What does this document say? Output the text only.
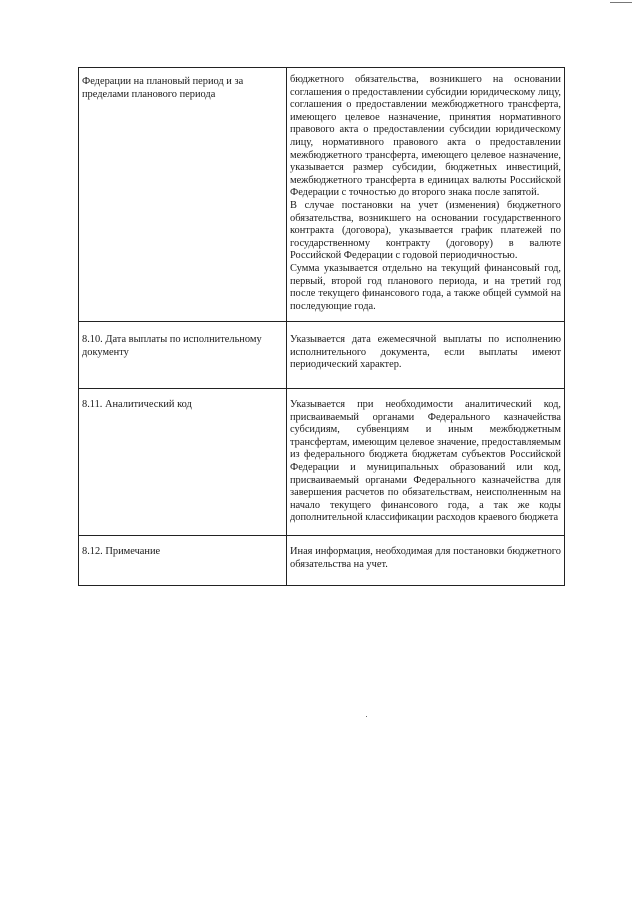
Федерации на плановый период и за пределами планового периода	бюджетного обязательства, возникшего на основании соглашения о предоставлении субсидии юридическому лицу, соглашения о предоставлении межбюджетного трансферта, имеющего целевое назначение, принятия нормативного правового акта о предоставлении субсидии юридическому лицу, нормативного правового акта о предоставлении межбюджетного трансферта, имеющего целевое назначение, указывается размер субсидии, бюджетных инвестиций, межбюджетного трансферта в единицах валюты Российской Федерации с точностью до второго знака после запятой.

В случае постановки на учет (изменения) бюджетного обязательства, возникшего на основании государственного контракта (договора), указывается график платежей по государственному контракту (договору) в валюте Российской Федерации с годовой периодичностью.

Сумма указывается отдельно на текущий финансовый год, первый, второй год планового периода, и на третий год после текущего финансового года, а также общей суммой на последующие года.

8.10. Дата выплаты по исполнительному документу	Указывается дата ежемесячной выплаты по исполнению исполнительного документа, если выплаты имеют периодический характер.

8.11. Аналитический код	Указывается при необходимости аналитический код, присваиваемый органами Федерального казначейства субсидиям, субвенциям и иным межбюджетным трансфертам, имеющим целевое значение, предоставляемым из федерального бюджета бюджетам субъектов Российской Федерации и муниципальных образований или код, присваиваемый органами Федерального казначейства для завершения расчетов по обязательствам, неисполненным на начало текущего финансового года, а так же коды дополнительной классификации расходов краевого бюджета

8.12. Примечание	Иная информация, необходимая для постановки бюджетного обязательства на учет.
